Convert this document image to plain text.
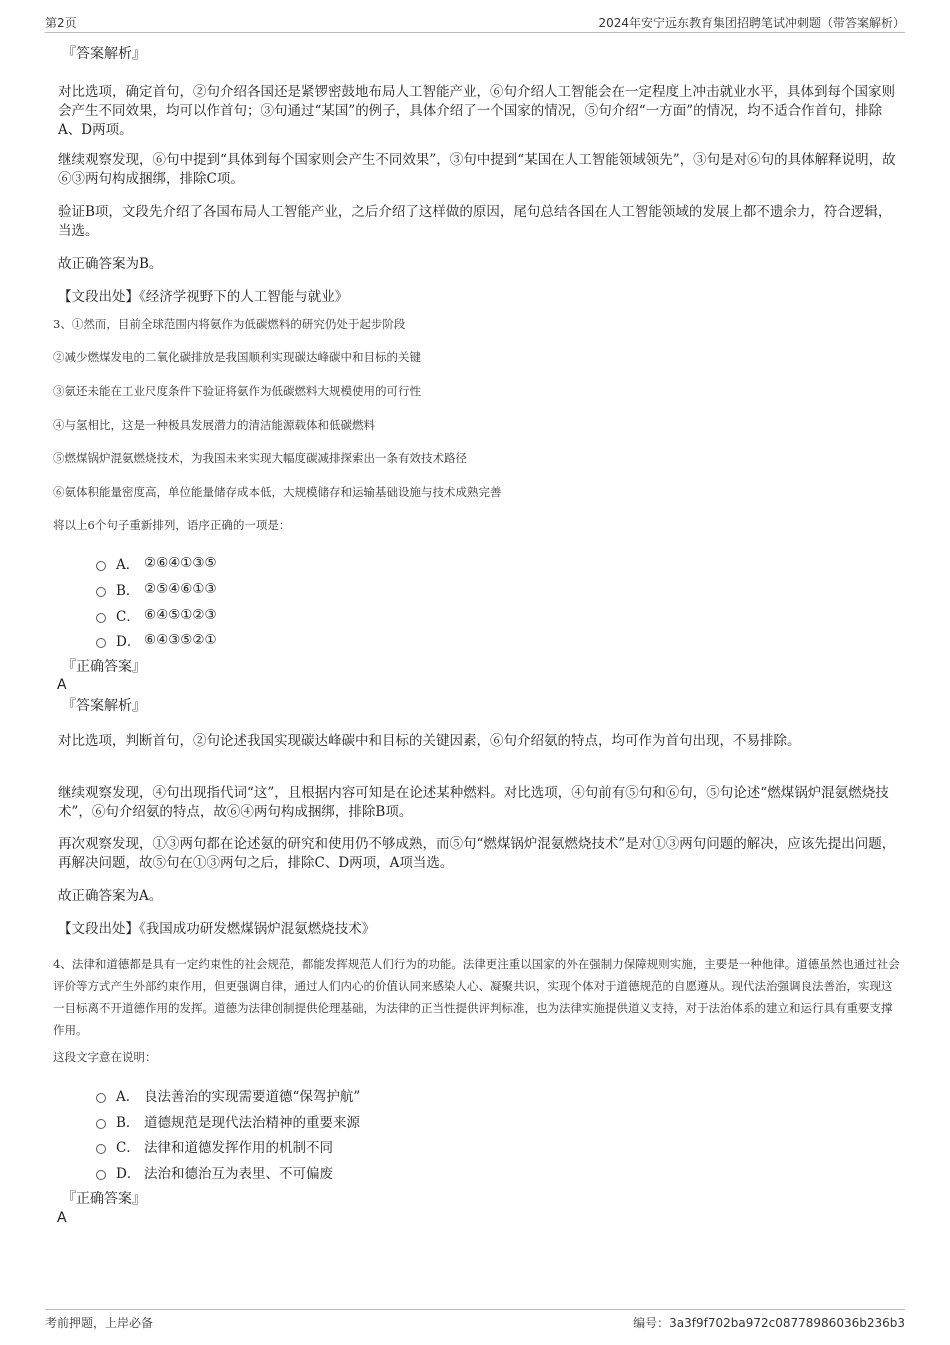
第2页	2024年安宁远东教育集团招聘笔试冲刺题（带答案解析）
『答案解析』
对比选项，确定首句，②句介绍各国还是紧锣密鼓地布局人工智能产业，⑥句介绍人工智能会在一定程度上冲击就业水平，具体到每个国家则会产生不同效果，均可以作首句；③句通过“某国”的例子，具体介绍了一个国家的情况，⑤句介绍“一方面”的情况，均不适合作首句，排除A、D两项。
继续观察发现，⑥句中提到“具体到每个国家则会产生不同效果”，③句中提到“某国在人工智能领域领先”，③句是对⑥句的具体解释说明，故⑥③两句构成捆绑，排除C项。
验证B项，文段先介绍了各国布局人工智能产业，之后介绍了这样做的原因，尾句总结各国在人工智能领域的发展上都不遗余力，符合逻辑，当选。
故正确答案为B。
【文段出处】《经济学视野下的人工智能与就业》
3、①然而，目前全球范围内将氨作为低碳燃料的研究仍处于起步阶段
②减少燃煤发电的二氧化碳排放是我国顺利实现碳达峰碳中和目标的关键
③氨还未能在工业尺度条件下验证将氨作为低碳燃料大规模使用的可行性
④与氢相比，这是一种极具发展潜力的清洁能源载体和低碳燃料
⑤燃煤锅炉混氨燃烧技术，为我国未来实现大幅度碳减排探索出一条有效技术路径
⑥氨体积能量密度高，单位能量储存成本低，大规模储存和运输基础设施与技术成熟完善
将以上6个句子重新排列，语序正确的一项是：
A． ②⑥④①③⑤
B． ②⑤④⑥①③
C． ⑥④⑤①②③
D． ⑥④③⑤②①
『正确答案』
A
『答案解析』
对比选项，判断首句，②句论述我国实现碳达峰碳中和目标的关键因素，⑥句介绍氨的特点，均可作为首句出现，不易排除。
继续观察发现，④句出现指代词“这”，且根据内容可知是在论述某种燃料。对比选项，④句前有⑤句和⑥句，⑤句论述“燃煤锅炉混氨燃烧技术”，⑥句介绍氨的特点，故⑥④两句构成捆绑，排除B项。
再次观察发现，①③两句都在论述氨的研究和使用仍不够成熟，而⑤句“燃煤锅炉混氨燃烧技术”是对①③两句问题的解决，应该先提出问题，再解决问题，故⑤句在①③两句之后，排除C、D两项，A项当选。
故正确答案为A。
【文段出处】《我国成功研发燃煤锅炉混氨燃烧技术》
4、法律和道德都是具有一定约束性的社会规范，都能发挥规范人们行为的功能。法律更注重以国家的外在强制力保障规则实施，主要是一种他律。道德虽然也通过社会评价等方式产生外部约束作用，但更强调自律，通过人们内心的价值认同来感染人心、凝聚共识，实现个体对于道德规范的自愿遵从。现代法治强调良法善治，实现这一目标离不开道德作用的发挥。道德为法律创制提供伦理基础，为法律的正当性提供评判标准，也为法律实施提供道义支持，对于法治体系的建立和运行具有重要支撑作用。
这段文字意在说明：
A． 良法善治的实现需要道德“保驾护航”
B． 道德规范是现代法治精神的重要来源
C． 法律和道德发挥作用的机制不同
D． 法治和德治互为表里、不可偏废
『正确答案』
A
考前押题，上岸必备	编号：3a3f9f702ba972c08778986036b236b3
